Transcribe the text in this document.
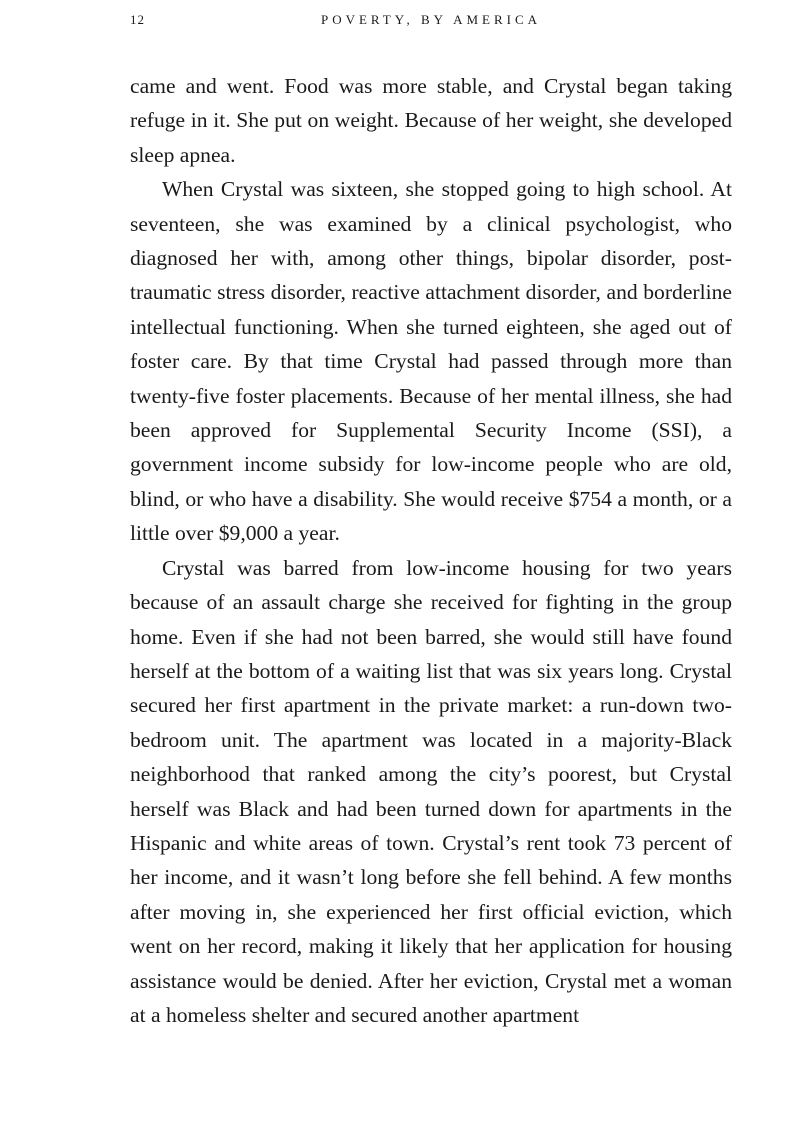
12	POVERTY, BY AMERICA

came and went. Food was more stable, and Crystal began taking refuge in it. She put on weight. Because of her weight, she developed sleep apnea.

When Crystal was sixteen, she stopped going to high school. At seventeen, she was examined by a clinical psychologist, who diagnosed her with, among other things, bipolar disorder, post-traumatic stress disorder, reactive attachment disorder, and borderline intellectual functioning. When she turned eighteen, she aged out of foster care. By that time Crystal had passed through more than twenty-five foster placements. Because of her mental illness, she had been approved for Supplemental Security Income (SSI), a government income subsidy for low-income people who are old, blind, or who have a disability. She would receive $754 a month, or a little over $9,000 a year.

Crystal was barred from low-income housing for two years because of an assault charge she received for fighting in the group home. Even if she had not been barred, she would still have found herself at the bottom of a waiting list that was six years long. Crystal secured her first apartment in the private market: a run-down two-bedroom unit. The apartment was located in a majority-Black neighborhood that ranked among the city’s poorest, but Crystal herself was Black and had been turned down for apartments in the Hispanic and white areas of town. Crystal’s rent took 73 percent of her income, and it wasn’t long before she fell behind. A few months after moving in, she experienced her first official eviction, which went on her record, making it likely that her application for housing assistance would be denied. After her eviction, Crystal met a woman at a homeless shelter and secured another apartment
